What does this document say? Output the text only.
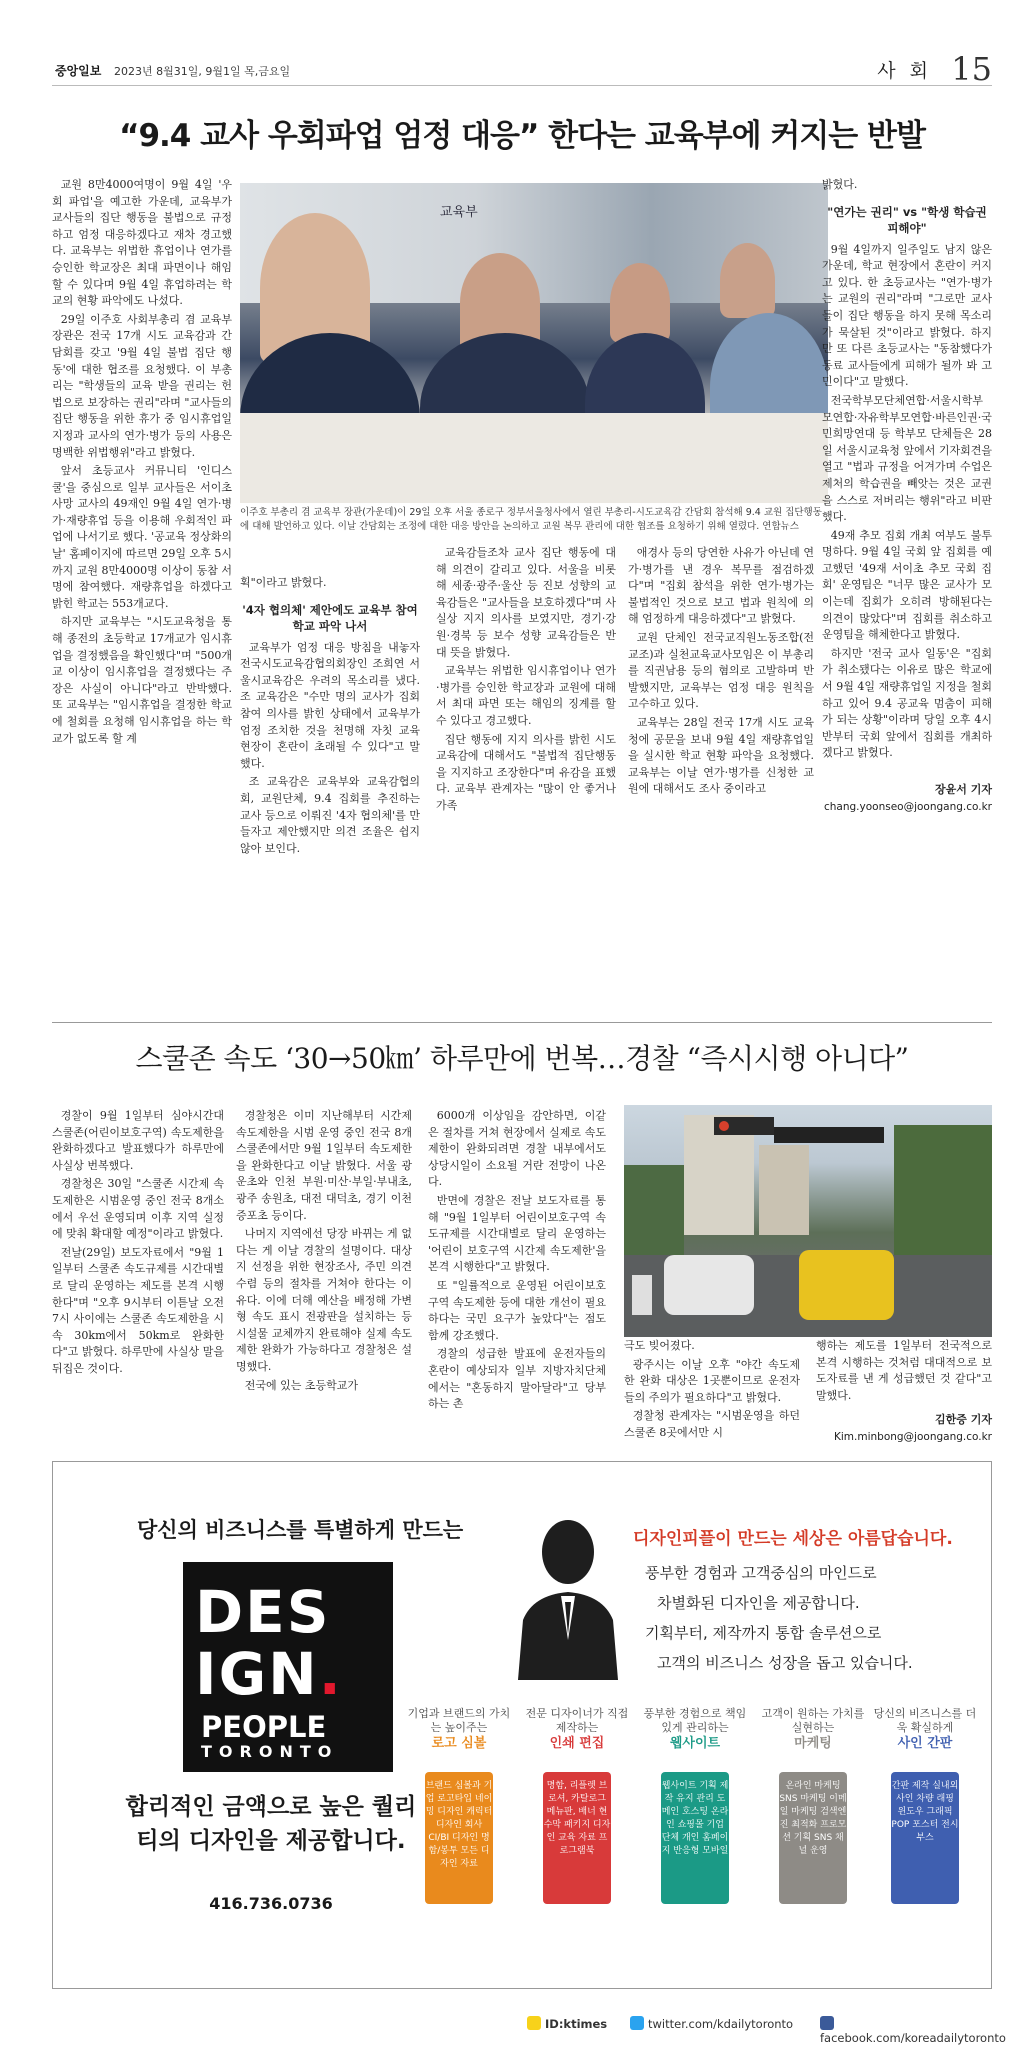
중앙일보 2023년 8월31일, 9월1일 목,금요일	사 회 15
“9.4 교사 우회파업 엄정 대응” 한다는 교육부에 커지는 반발

교원 8만4000여명이 9월 4일 '우회 파업'을 예고한 가운데, 교육부가 교사들의 집단 행동을 불법으로 규정하고 엄정 대응하겠다고 재차 경고했다. 교육부는 위법한 휴업이나 연가를 승인한 학교장은 최대 파면이나 해임할 수 있다며 9월 4일 휴업하려는 학교의 현황 파악에도 나섰다.

29일 이주호 사회부총리 겸 교육부 장관은 전국 17개 시도 교육감과 간담회를 갖고 '9월 4일 불법 집단 행동'에 대한 협조를 요청했다. 이 부총리는 "학생들의 교육 받을 권리는 헌법으로 보장하는 권리"라며 "교사들의 집단 행동을 위한 휴가 중 임시휴업일 지정과 교사의 연가·병가 등의 사용은 명백한 위법행위"라고 밝혔다.

앞서 초등교사 커뮤니티 '인디스쿨'을 중심으로 일부 교사들은 서이초 사망 교사의 49재인 9월 4일 연가·병가·재량휴업 등을 이용해 우회적인 파업에 나서기로 했다. '공교육 정상화의 날' 홈페이지에 따르면 29일 오후 5시까지 교원 8만4000명 이상이 동참 서명에 참여했다. 재량휴업을 하겠다고 밝힌 학교는 553개교다.

하지만 교육부는 "시도교육청을 통해 종전의 초등학교 17개교가 임시휴업을 결정했음을 확인했다"며 "500개교 이상이 임시휴업을 결정했다는 주장은 사실이 아니다"라고 반박했다. 또 교육부는 "임시휴업을 결정한 학교에 철회를 요청해 임시휴업을 하는 학교가 없도록 할 계

교육부
이주호 부총리 겸 교육부 장관(가운데)이 29일 오후 서울 종로구 정부서울청사에서 열린 부총리-시도교육감 간담회 참석해 9.4 교원 집단행동에 대해 발언하고 있다. 이날 간담회는 조정에 대한 대응 방안을 논의하고 교원 복무 관리에 대한 협조를 요청하기 위해 열렸다. 연합뉴스

획"이라고 밝혔다.

'4자 협의체' 제안에도 교육부 참여 학교 파악 나서

교육부가 엄정 대응 방침을 내놓자 전국시도교육감협의회장인 조희연 서울시교육감은 우려의 목소리를 냈다. 조 교육감은 "수만 명의 교사가 집회 참여 의사를 밝힌 상태에서 교육부가 엄정 조치한 것을 천명해 자칫 교육 현장이 혼란이 초래될 수 있다"고 말했다.

조 교육감은 교육부와 교육감협의회, 교원단체, 9.4 집회를 추진하는 교사 등으로 이뤄진 '4자 협의체'를 만들자고 제안했지만 의견 조율은 쉽지 않아 보인다.

교육감들조차 교사 집단 행동에 대해 의견이 갈리고 있다. 서울을 비롯해 세종·광주·울산 등 진보 성향의 교육감들은 "교사들을 보호하겠다"며 사실상 지지 의사를 보였지만, 경기·강원·경북 등 보수 성향 교육감들은 반대 뜻을 밝혔다.

교육부는 위법한 임시휴업이나 연가·병가를 승인한 학교장과 교원에 대해서 최대 파면 또는 해임의 징계를 할 수 있다고 경고했다.

집단 행동에 지지 의사를 밝힌 시도교육감에 대해서도 "불법적 집단행동을 지지하고 조장한다"며 유감을 표했다. 교육부 관계자는 "많이 안 좋거나 가족

애경사 등의 당연한 사유가 아닌데 연가·병가를 낸 경우 복무를 점검하겠다"며 "집회 참석을 위한 연가·병가는 불법적인 것으로 보고 법과 원칙에 의해 엄정하게 대응하겠다"고 밝혔다.

교원 단체인 전국교직원노동조합(전교조)과 실천교육교사모임은 이 부총리를 직권남용 등의 혐의로 고발하며 반발했지만, 교육부는 엄정 대응 원칙을 고수하고 있다.

교육부는 28일 전국 17개 시도 교육청에 공문을 보내 9월 4일 재량휴업일을 실시한 학교 현황 파악을 요청했다. 교육부는 이날 연가·병가를 신청한 교원에 대해서도 조사 중이라고

밝혔다.

"연가는 권리" vs "학생 학습권 피해야"

9월 4일까지 일주일도 남지 않은 가운데, 학교 현장에서 혼란이 커지고 있다. 한 초등교사는 "연가·병가는 교원의 권리"라며 "그로만 교사들이 집단 행동을 하지 못해 목소리가 묵살된 것"이라고 밝혔다. 하지만 또 다른 초등교사는 "동참했다가 동료 교사들에게 피해가 될까 봐 고민이다"고 말했다.

전국학부모단체연합·서울시학부모연합·자유학부모연합·바른인권·국민희망연대 등 학부모 단체들은 28일 서울시교육청 앞에서 기자회견을 열고 "법과 규정을 어겨가며 수업은 제처의 학습권을 빼앗는 것은 교권을 스스로 저버리는 행위"라고 비판했다.

49재 추모 집회 개최 여부도 불투명하다. 9월 4일 국회 앞 집회를 예고했던 '49재 서이초 추모 국회 집회' 운영팀은 "너무 많은 교사가 모이는데 집회가 오히려 방해된다는 의견이 많았다"며 집회를 취소하고 운영팀을 해체한다고 밝혔다.

하지만 '전국 교사 일동'은 "집회가 취소됐다는 이유로 많은 학교에서 9월 4일 재량휴업일 지정을 철회하고 있어 9.4 공교육 멈춤이 피해가 되는 상황"이라며 당일 오후 4시 반부터 국회 앞에서 집회를 개최하겠다고 밝혔다.

장윤서 기자
chang.yoonseo@joongang.co.kr
스쿨존 속도 ‘30→50㎞’ 하루만에 번복…경찰 “즉시시행 아니다”

경찰이 9월 1일부터 심야시간대 스쿨존(어린이보호구역) 속도제한을 완화하겠다고 발표했다가 하루만에 사실상 번복했다.

경찰청은 30일 "스쿨존 시간제 속도제한은 시범운영 중인 전국 8개소에서 우선 운영되며 이후 지역 실정에 맞춰 확대할 예정"이라고 밝혔다.

전날(29일) 보도자료에서 "9월 1일부터 스쿨존 속도규제를 시간대별로 달리 운영하는 제도를 본격 시행한다"며 "오후 9시부터 이튿날 오전 7시 사이에는 스쿨존 속도제한을 시속 30km에서 50km로 완화한다"고 밝혔다. 하루만에 사실상 말을 뒤집은 것이다.

경찰청은 이미 지난해부터 시간제 속도제한을 시범 운영 중인 전국 8개 스쿨존에서만 9월 1일부터 속도제한을 완화한다고 이날 밝혔다. 서울 광운초와 인천 부원·미산·부일·부내초, 광주 송원초, 대전 대덕초, 경기 이천 증포초 등이다.

나머지 지역에선 당장 바뀌는 게 없다는 게 이날 경찰의 설명이다. 대상지 선정을 위한 현장조사, 주민 의견수렴 등의 절차를 거쳐야 한다는 이유다. 이에 더해 예산을 배정해 가변형 속도 표시 전광판을 설치하는 등 시설물 교체까지 완료해야 실제 속도제한 완화가 가능하다고 경찰청은 설명했다.

전국에 있는 초등학교가

6000개 이상임을 감안하면, 이같은 절차를 거쳐 현장에서 실제로 속도제한이 완화되려면 경찰 내부에서도 상당시일이 소요될 거란 전망이 나온다.

반면에 경찰은 전날 보도자료를 통해 "9월 1일부터 어린이보호구역 속도규제를 시간대별로 달리 운영하는 '어린이 보호구역 시간제 속도제한'을 본격 시행한다"고 밝혔다.

또 "일률적으로 운영된 어린이보호구역 속도제한 등에 대한 개선이 필요하다는 국민 요구가 높았다"는 점도 함께 강조했다.

경찰의 성급한 발표에 운전자들의 혼란이 예상되자 일부 지방자치단체에서는 "혼동하지 말아달라"고 당부하는 촌

극도 빚어졌다.

광주시는 이날 오후 "야간 속도제한 완화 대상은 1곳뿐이므로 운전자들의 주의가 필요하다"고 밝혔다.

경찰청 관계자는 "시범운영을 하던 스쿨존 8곳에서만 시

행하는 제도를 1일부터 전국적으로 본격 시행하는 것처럼 대대적으로 보도자료를 낸 게 성급했던 것 같다"고 말했다.

김한증 기자
Kim.minbong@joongang.co.kr
당신의 비즈니스를 특별하게 만드는
DES
IGN.
PEOPLE
TORONTO
합리적인 금액으로 높은 퀄리티의 디자인을 제공합니다.
416.736.0736
디자인피플이 만드는 세상은 아름답습니다.
풍부한 경험과 고객중심의 마인드로
차별화된 디자인을 제공합니다.
기획부터, 제작까지 통합 솔루션으로
고객의 비즈니스 성장을 돕고 있습니다.
기업과 브랜드의 가치는 높이주는
로고 심볼
전문 디자이너가 직접 제작하는
인쇄 편집
풍부한 경험으로 책임있게 관리하는
웹사이트
고객이 원하는 가치를 실현하는
마케팅
당신의 비즈니스를 더욱 확실하게
사인 간판
브랜드 심볼과 기업 로고타입 네이밍 디자인 캐릭터 디자인 회사 CI/BI 디자인 명함/봉투 모든 디자인 자료
명함, 리플렛 브로셔, 카탈로그 메뉴판, 배너 현수막 패키지 디자인 교육 자료 프로그램북
웹사이트 기획 제작 유지 관리 도메인 호스팅 온라인 쇼핑몰 기업 단체 개인 홈페이지 반응형 모바일
온라인 마케팅 SNS 마케팅 이메일 마케팅 검색엔진 최적화 프로모션 기획 SNS 채널 운영
간판 제작 실내외 사인 차량 래핑 윈도우 그래픽 POP 포스터 전시 부스
ID:ktimes	twitter.com/kdailytoronto
facebook.com/koreadailytoronto
